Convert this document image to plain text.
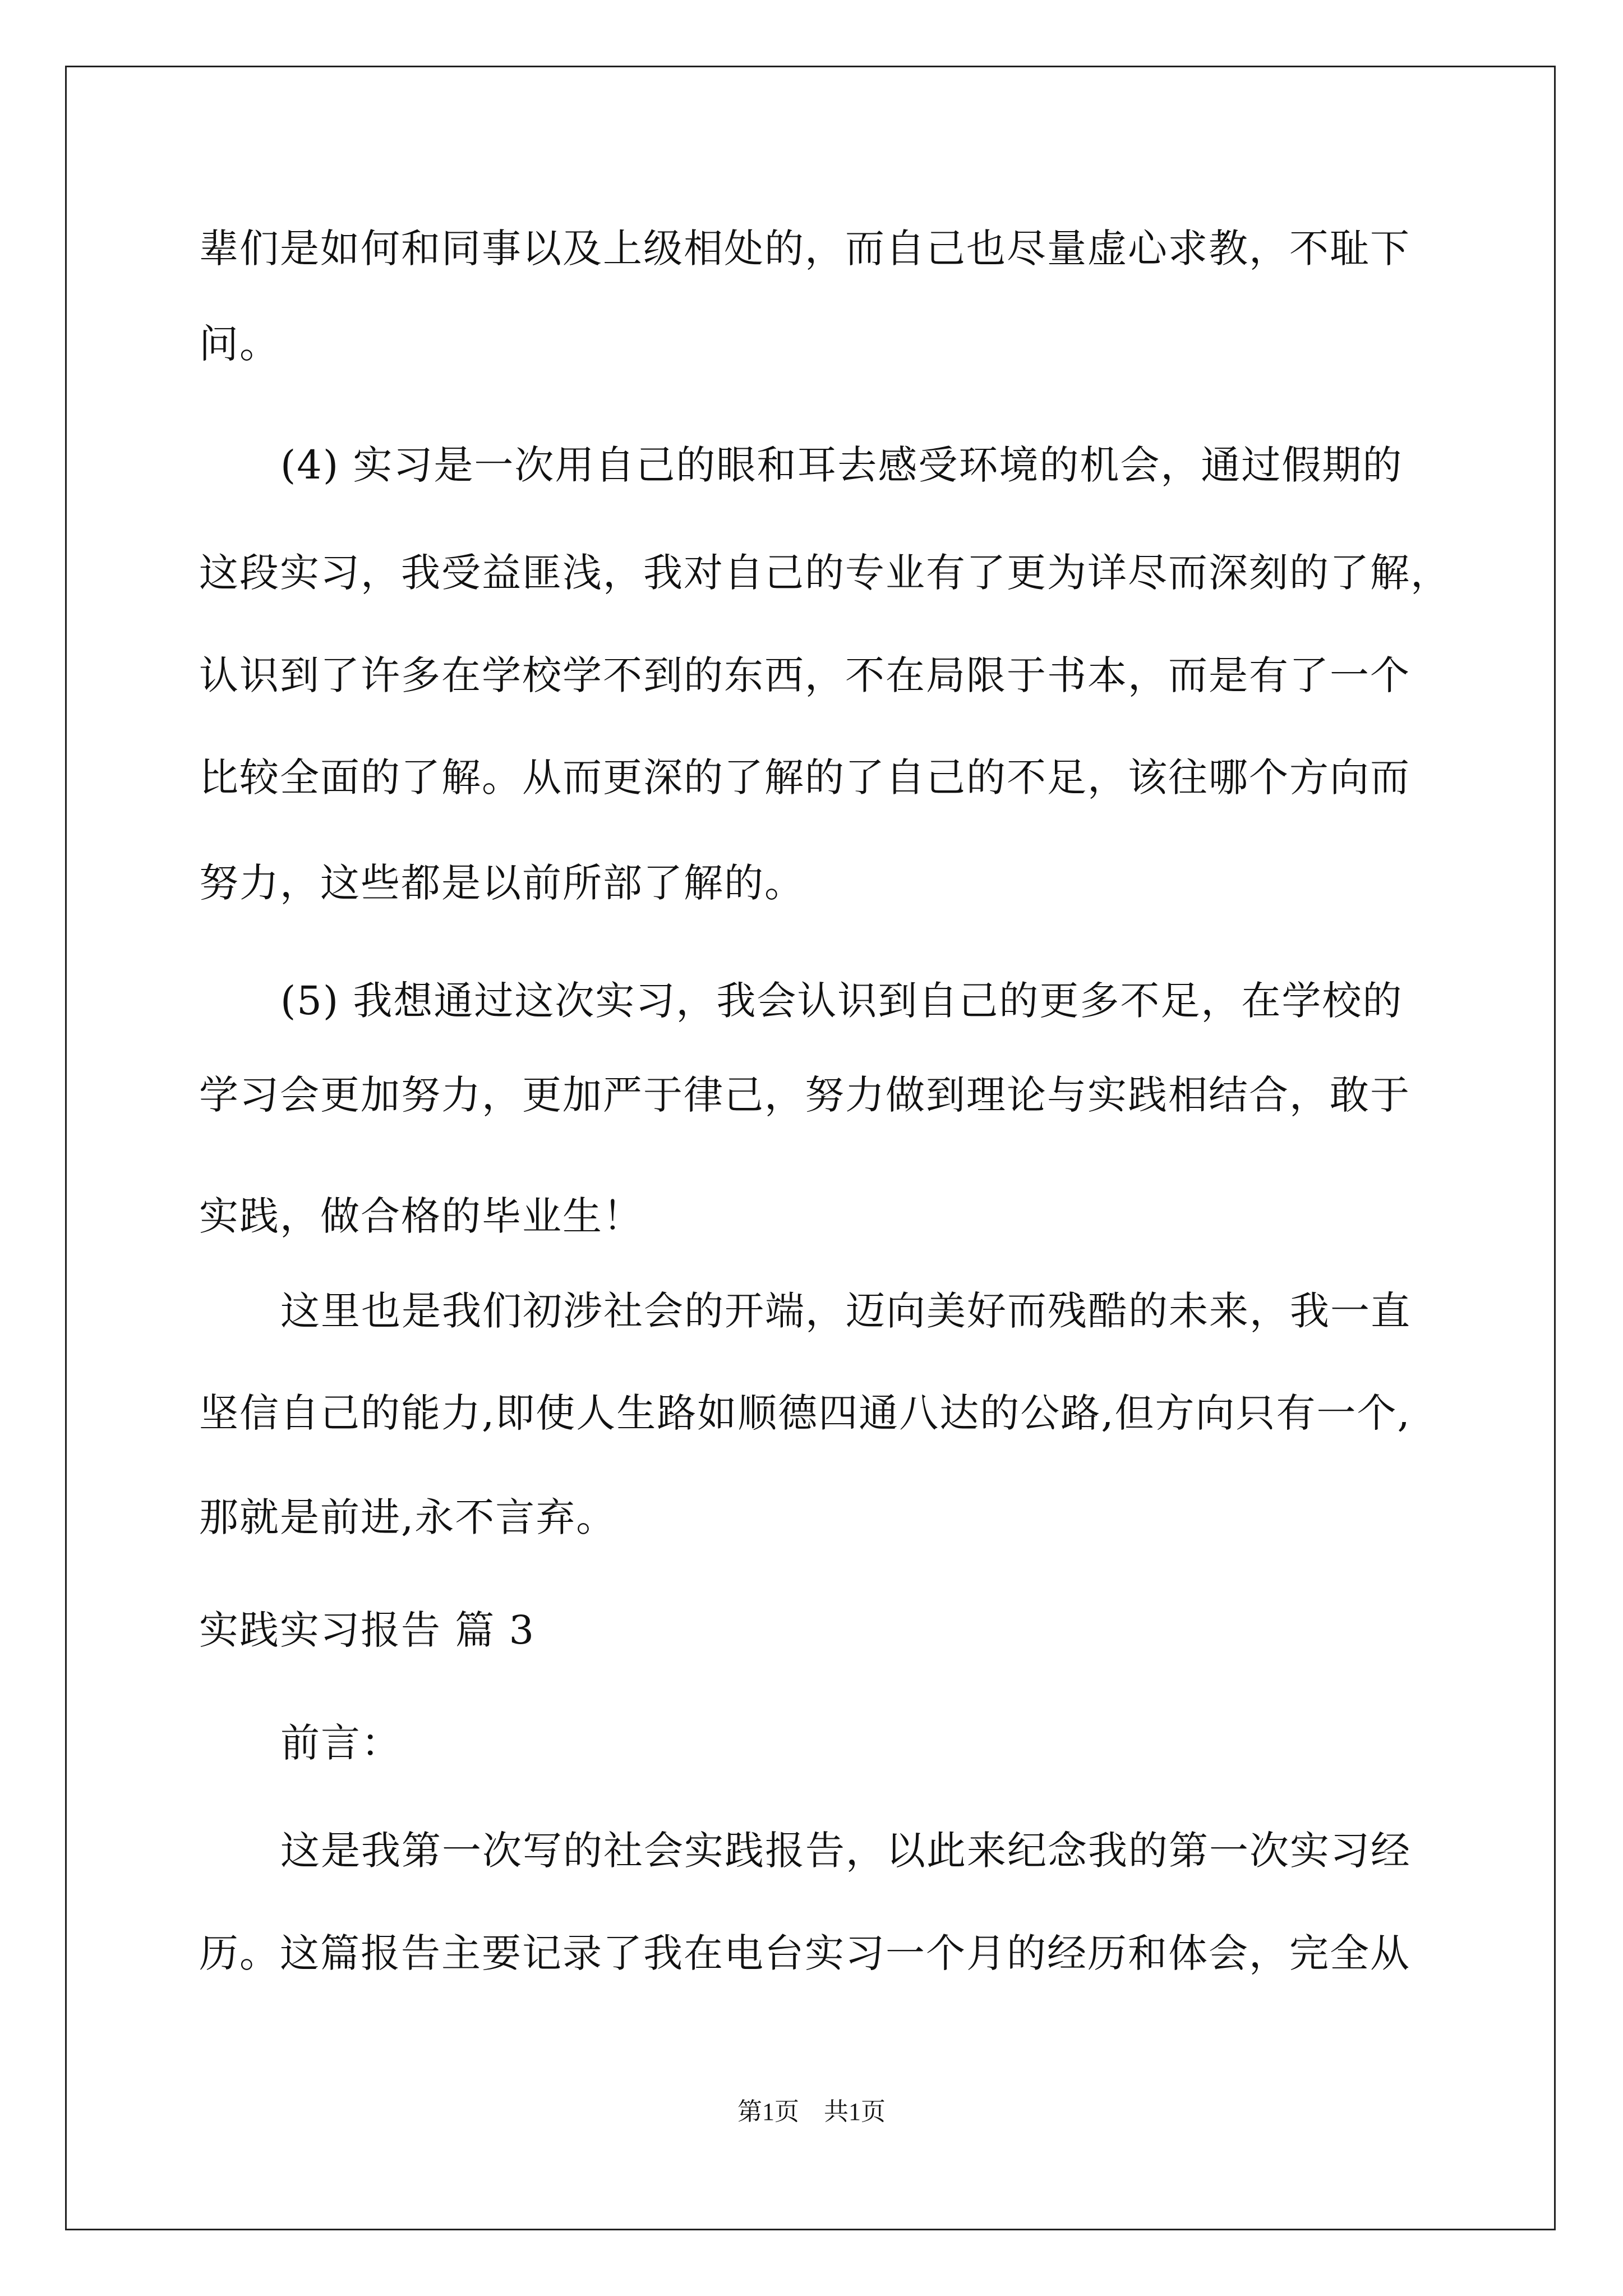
辈们是如何和同事以及上级相处的，而自己也尽量虚心求教，不耻下
问。
(4) 实习是一次用自己的眼和耳去感受环境的机会，通过假期的
这段实习，我受益匪浅，我对自己的专业有了更为详尽而深刻的了解，
认识到了许多在学校学不到的东西，不在局限于书本，而是有了一个
比较全面的了解。从而更深的了解的了自己的不足，该往哪个方向而
努力，这些都是以前所部了解的。
(5) 我想通过这次实习，我会认识到自己的更多不足，在学校的
学习会更加努力，更加严于律己，努力做到理论与实践相结合，敢于
实践，做合格的毕业生！
这里也是我们初涉社会的开端，迈向美好而残酷的未来，我一直
坚信自己的能力,即使人生路如顺德四通八达的公路,但方向只有一个,
那就是前进,永不言弃。
实践实习报告 篇 3
前言：
这是我第一次写的社会实践报告，以此来纪念我的第一次实习经
历。这篇报告主要记录了我在电台实习一个月的经历和体会，完全从
第1页　共1页
